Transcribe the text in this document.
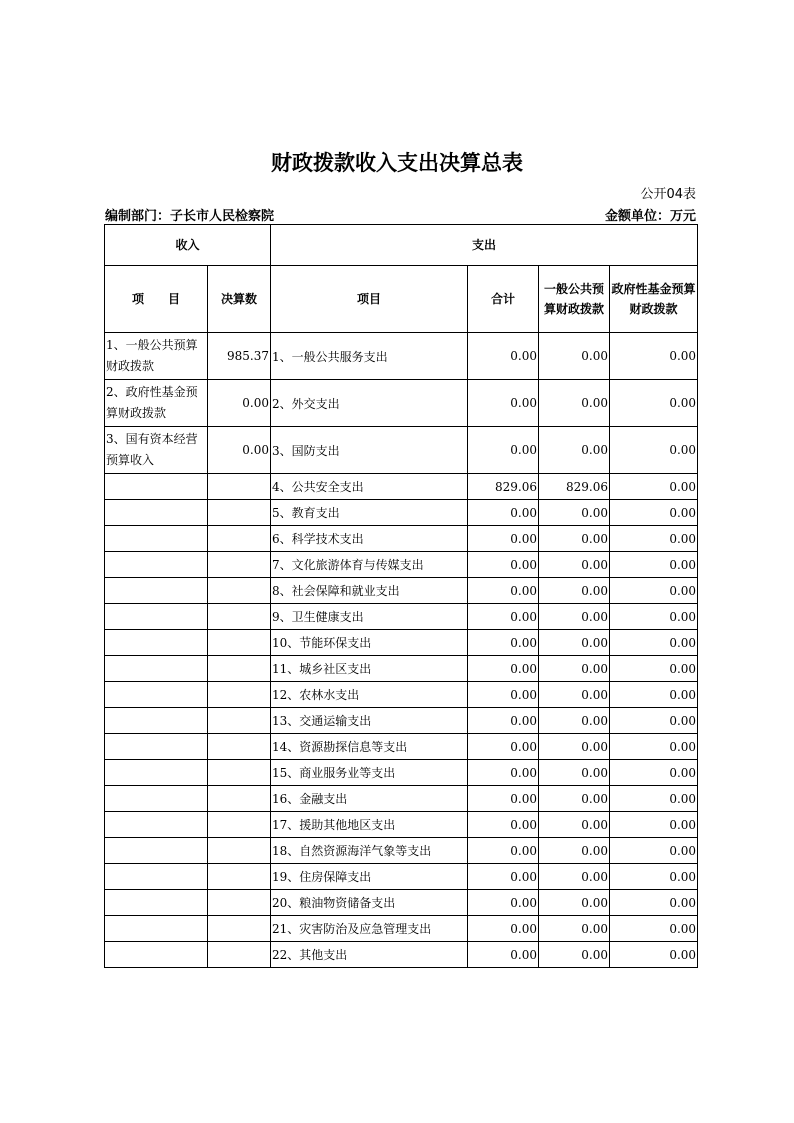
财政拨款收入支出决算总表
公开04表
编制部门：子长市人民检察院	金额单位：万元
收入		支出			
项　　目	决算数	项目	合计	一般公共预算财政拨款	政府性基金预算财政拨款
1、一般公共预算财政拨款	985.37	1、一般公共服务支出	0.00	0.00	0.00
2、政府性基金预算财政拨款	0.00	2、外交支出	0.00	0.00	0.00
3、国有资本经营预算收入	0.00	3、国防支出	0.00	0.00	0.00
		4、公共安全支出	829.06	829.06	0.00
		5、教育支出	0.00	0.00	0.00
		6、科学技术支出	0.00	0.00	0.00
		7、文化旅游体育与传媒支出	0.00	0.00	0.00
		8、社会保障和就业支出	0.00	0.00	0.00
		9、卫生健康支出	0.00	0.00	0.00
		10、节能环保支出	0.00	0.00	0.00
		11、城乡社区支出	0.00	0.00	0.00
		12、农林水支出	0.00	0.00	0.00
		13、交通运输支出	0.00	0.00	0.00
		14、资源勘探信息等支出	0.00	0.00	0.00
		15、商业服务业等支出	0.00	0.00	0.00
		16、金融支出	0.00	0.00	0.00
		17、援助其他地区支出	0.00	0.00	0.00
		18、自然资源海洋气象等支出	0.00	0.00	0.00
		19、住房保障支出	0.00	0.00	0.00
		20、粮油物资储备支出	0.00	0.00	0.00
		21、灾害防治及应急管理支出	0.00	0.00	0.00
		22、其他支出	0.00	0.00	0.00
